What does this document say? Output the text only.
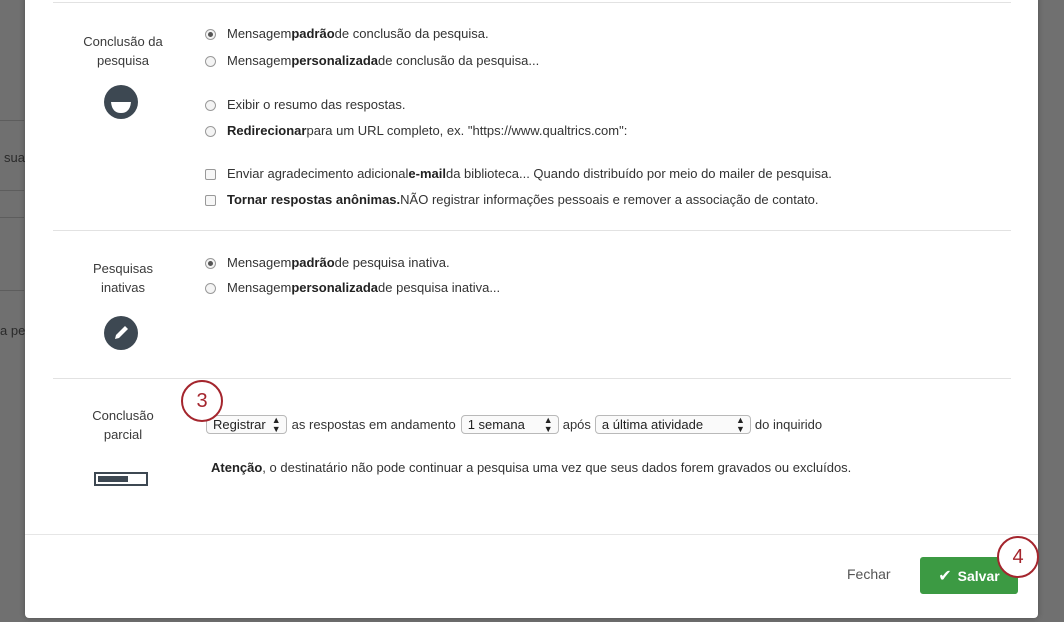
sua
a pe
Conclusão da
pesquisa
Mensagem padrão de conclusão da pesquisa.
Mensagem personalizada de conclusão da pesquisa...
Exibir o resumo das respostas.
Redirecionar para um URL completo, ex. "https://www.qualtrics.com":
Enviar agradecimento adicional e-mail da biblioteca... Quando distribuído por meio do mailer de pesquisa.
Tornar respostas anônimas. NÃO registrar informações pessoais e remover a associação de contato.
Pesquisas
inativas
Mensagem padrão de pesquisa inativa.
Mensagem personalizada de pesquisa inativa...
Conclusão
parcial
Registrar ▲
▼ as respostas em andamento 1 semana ▲
▼ após a última atividade	▲
▼ do inquirido
Atenção , o destinatário não pode continuar a pesquisa uma vez que seus dados forem gravados ou excluídos.
Fechar	✔ Salvar
3
4
